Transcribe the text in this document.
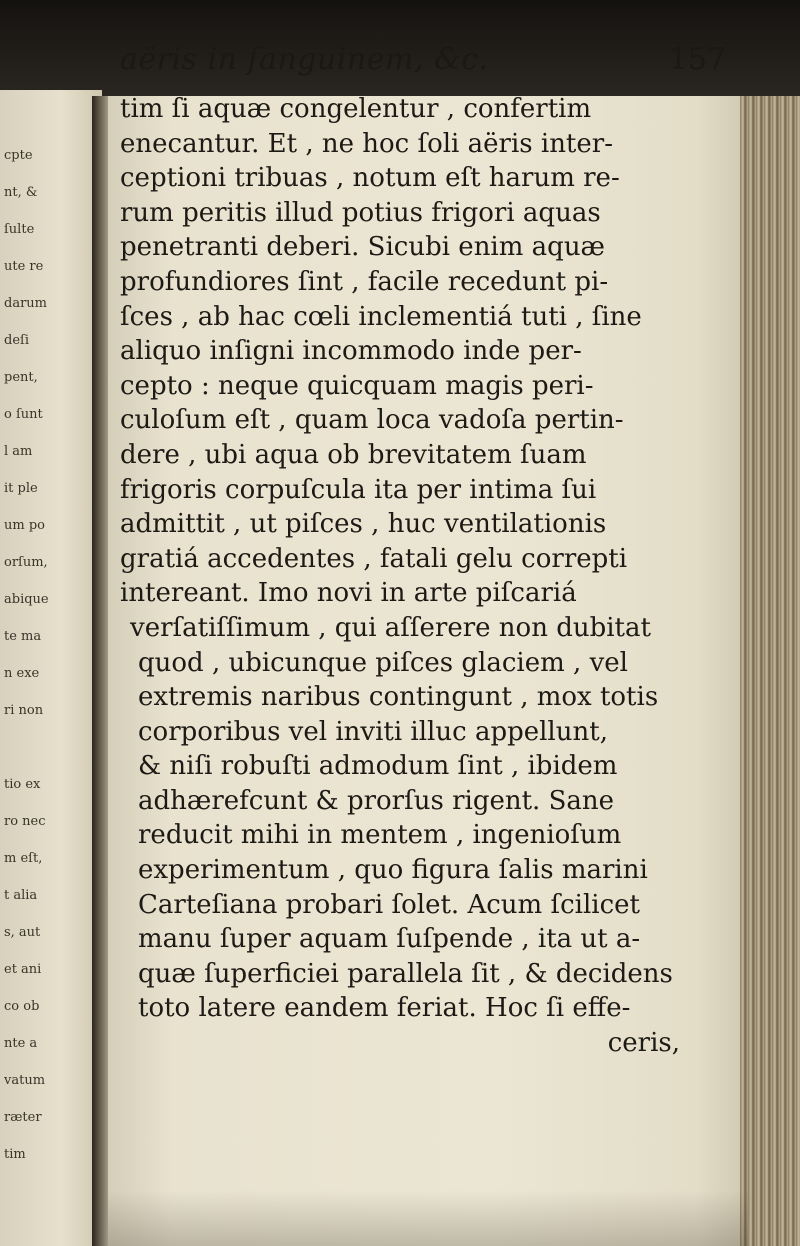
cpte
nt, &
ſulte
ute re
darum
deſi
pent,
o ſunt
l am
it ple
um po
orſum,
abique
te ma
n exe
ri non
tio ex
ro nec
m eſt,
t alia
s, aut
et ani
co ob
nte a
vatum
ræter
tim
aëris in ſanguinem, &c.	157
tim ſi aquæ congelentur , confertim
enecantur. Et , ne hoc ſoli aëris inter-
ceptioni tribuas , notum eſt harum re-
rum peritis illud potius frigori aquas
penetranti deberi. Sicubi enim aquæ
profundiores ſint , facile recedunt pi-
ſces , ab hac cœli inclementiá tuti , ſine
aliquo inſigni incommodo inde per-
cepto : neque quicquam magis peri-
culoſum eſt , quam loca vadoſa pertin-
dere , ubi aqua ob brevitatem ſuam
frigoris corpuſcula ita per intima ſui
admittit , ut piſces , huc ventilationis
gratiá accedentes , fatali gelu correpti
intereant. Imo novi in arte piſcariá
verſatiſſimum , qui aſſerere non dubitat
quod , ubicunque piſces glaciem , vel
extremis naribus contingunt , mox totis
corporibus vel inviti illuc appellunt,
& niſi robuſti admodum ſint , ibidem
adhærefcunt & prorſus rigent. Sane
reducit mihi in mentem , ingenioſum
experimentum , quo figura ſalis marini
Carteſiana probari ſolet. Acum ſcilicet
manu ſuper aquam ſuſpende , ita ut a-
quæ ſuperficiei parallela ſit , & decidens
toto latere eandem feriat. Hoc ſi effe-
ceris,
